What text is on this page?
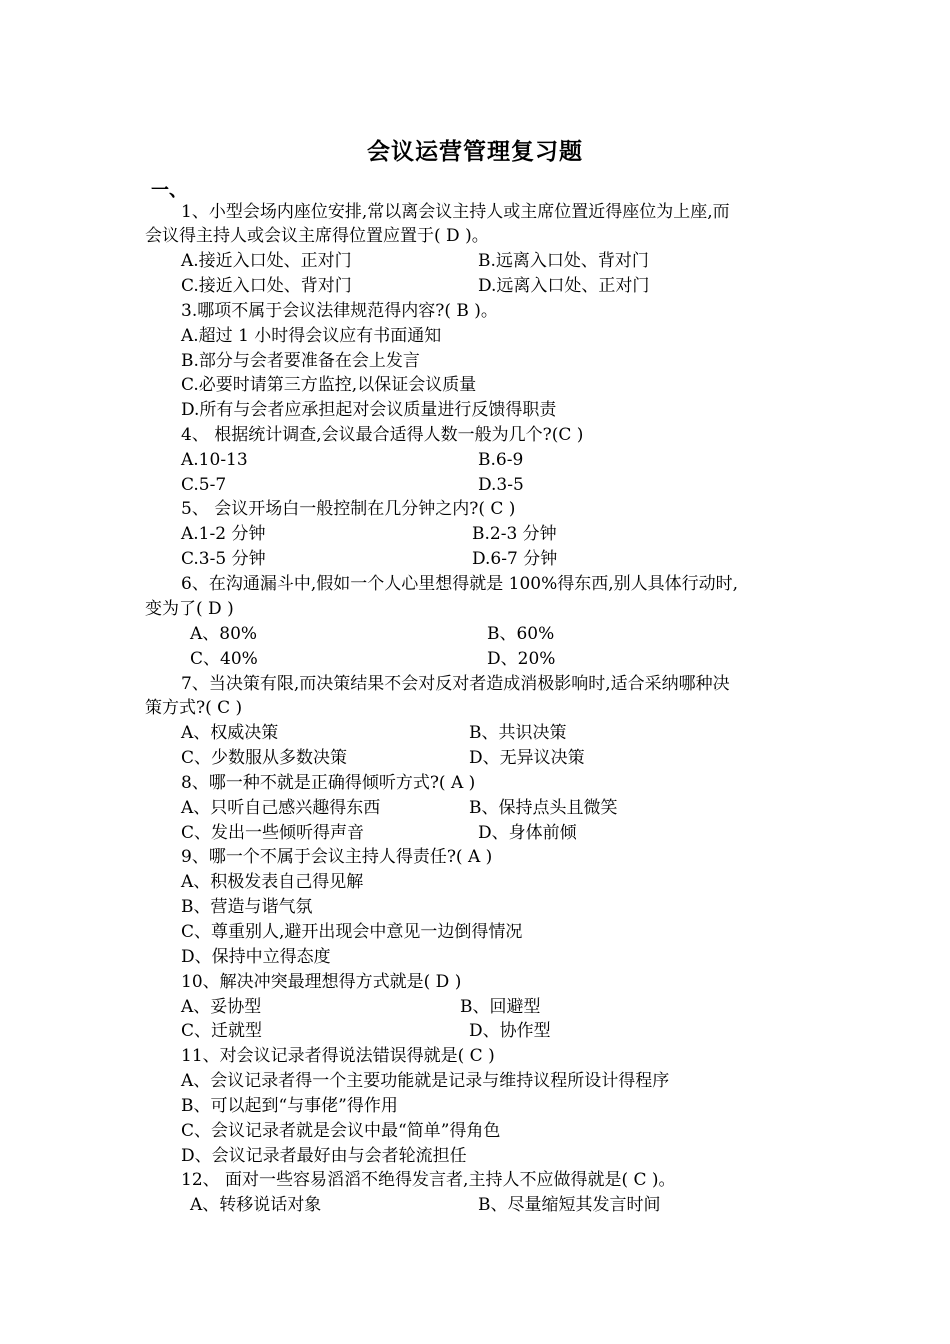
会议运营管理复习题
一、
1、小型会场内座位安排,常以离会议主持人或主席位置近得座位为上座,而
会议得主持人或会议主席得位置应置于( D )。
A.接近入口处、正对门	B.远离入口处、背对门
C.接近入口处、背对门	D.远离入口处、正对门
3.哪项不属于会议法律规范得内容?( B )。
A.超过 1 小时得会议应有书面通知
B.部分与会者要准备在会上发言
C.必要时请第三方监控,以保证会议质量
D.所有与会者应承担起对会议质量进行反馈得职责
4、 根据统计调查,会议最合适得人数一般为几个?(C )
A.10-13	B.6-9
C.5-7	D.3-5
5、 会议开场白一般控制在几分钟之内?( C )
A.1-2 分钟	B.2-3 分钟
C.3-5 分钟	D.6-7 分钟
6、在沟通漏斗中,假如一个人心里想得就是 100%得东西,别人具体行动时,
变为了( D )
A、80%	B、60%
C、40%	D、20%
7、当决策有限,而决策结果不会对反对者造成消极影响时,适合采纳哪种决
策方式?( C )
A、权威决策	B、共识决策
C、少数服从多数决策	D、无异议决策
8、哪一种不就是正确得倾听方式?( A )
A、只听自己感兴趣得东西	B、保持点头且微笑
C、发出一些倾听得声音	D、身体前倾
9、哪一个不属于会议主持人得责任?( A )
A、积极发表自己得见解
B、营造与谐气氛
C、尊重别人,避开出现会中意见一边倒得情况
D、保持中立得态度
10、解决冲突最理想得方式就是( D )
A、妥协型	B、回避型
C、迁就型	D、协作型
11、对会议记录者得说法错误得就是( C )
A、会议记录者得一个主要功能就是记录与维持议程所设计得程序
B、可以起到“与事佬”得作用
C、会议记录者就是会议中最“简单”得角色
D、会议记录者最好由与会者轮流担任
12、 面对一些容易滔滔不绝得发言者,主持人不应做得就是( C )。
A、转移说话对象	B、尽量缩短其发言时间
